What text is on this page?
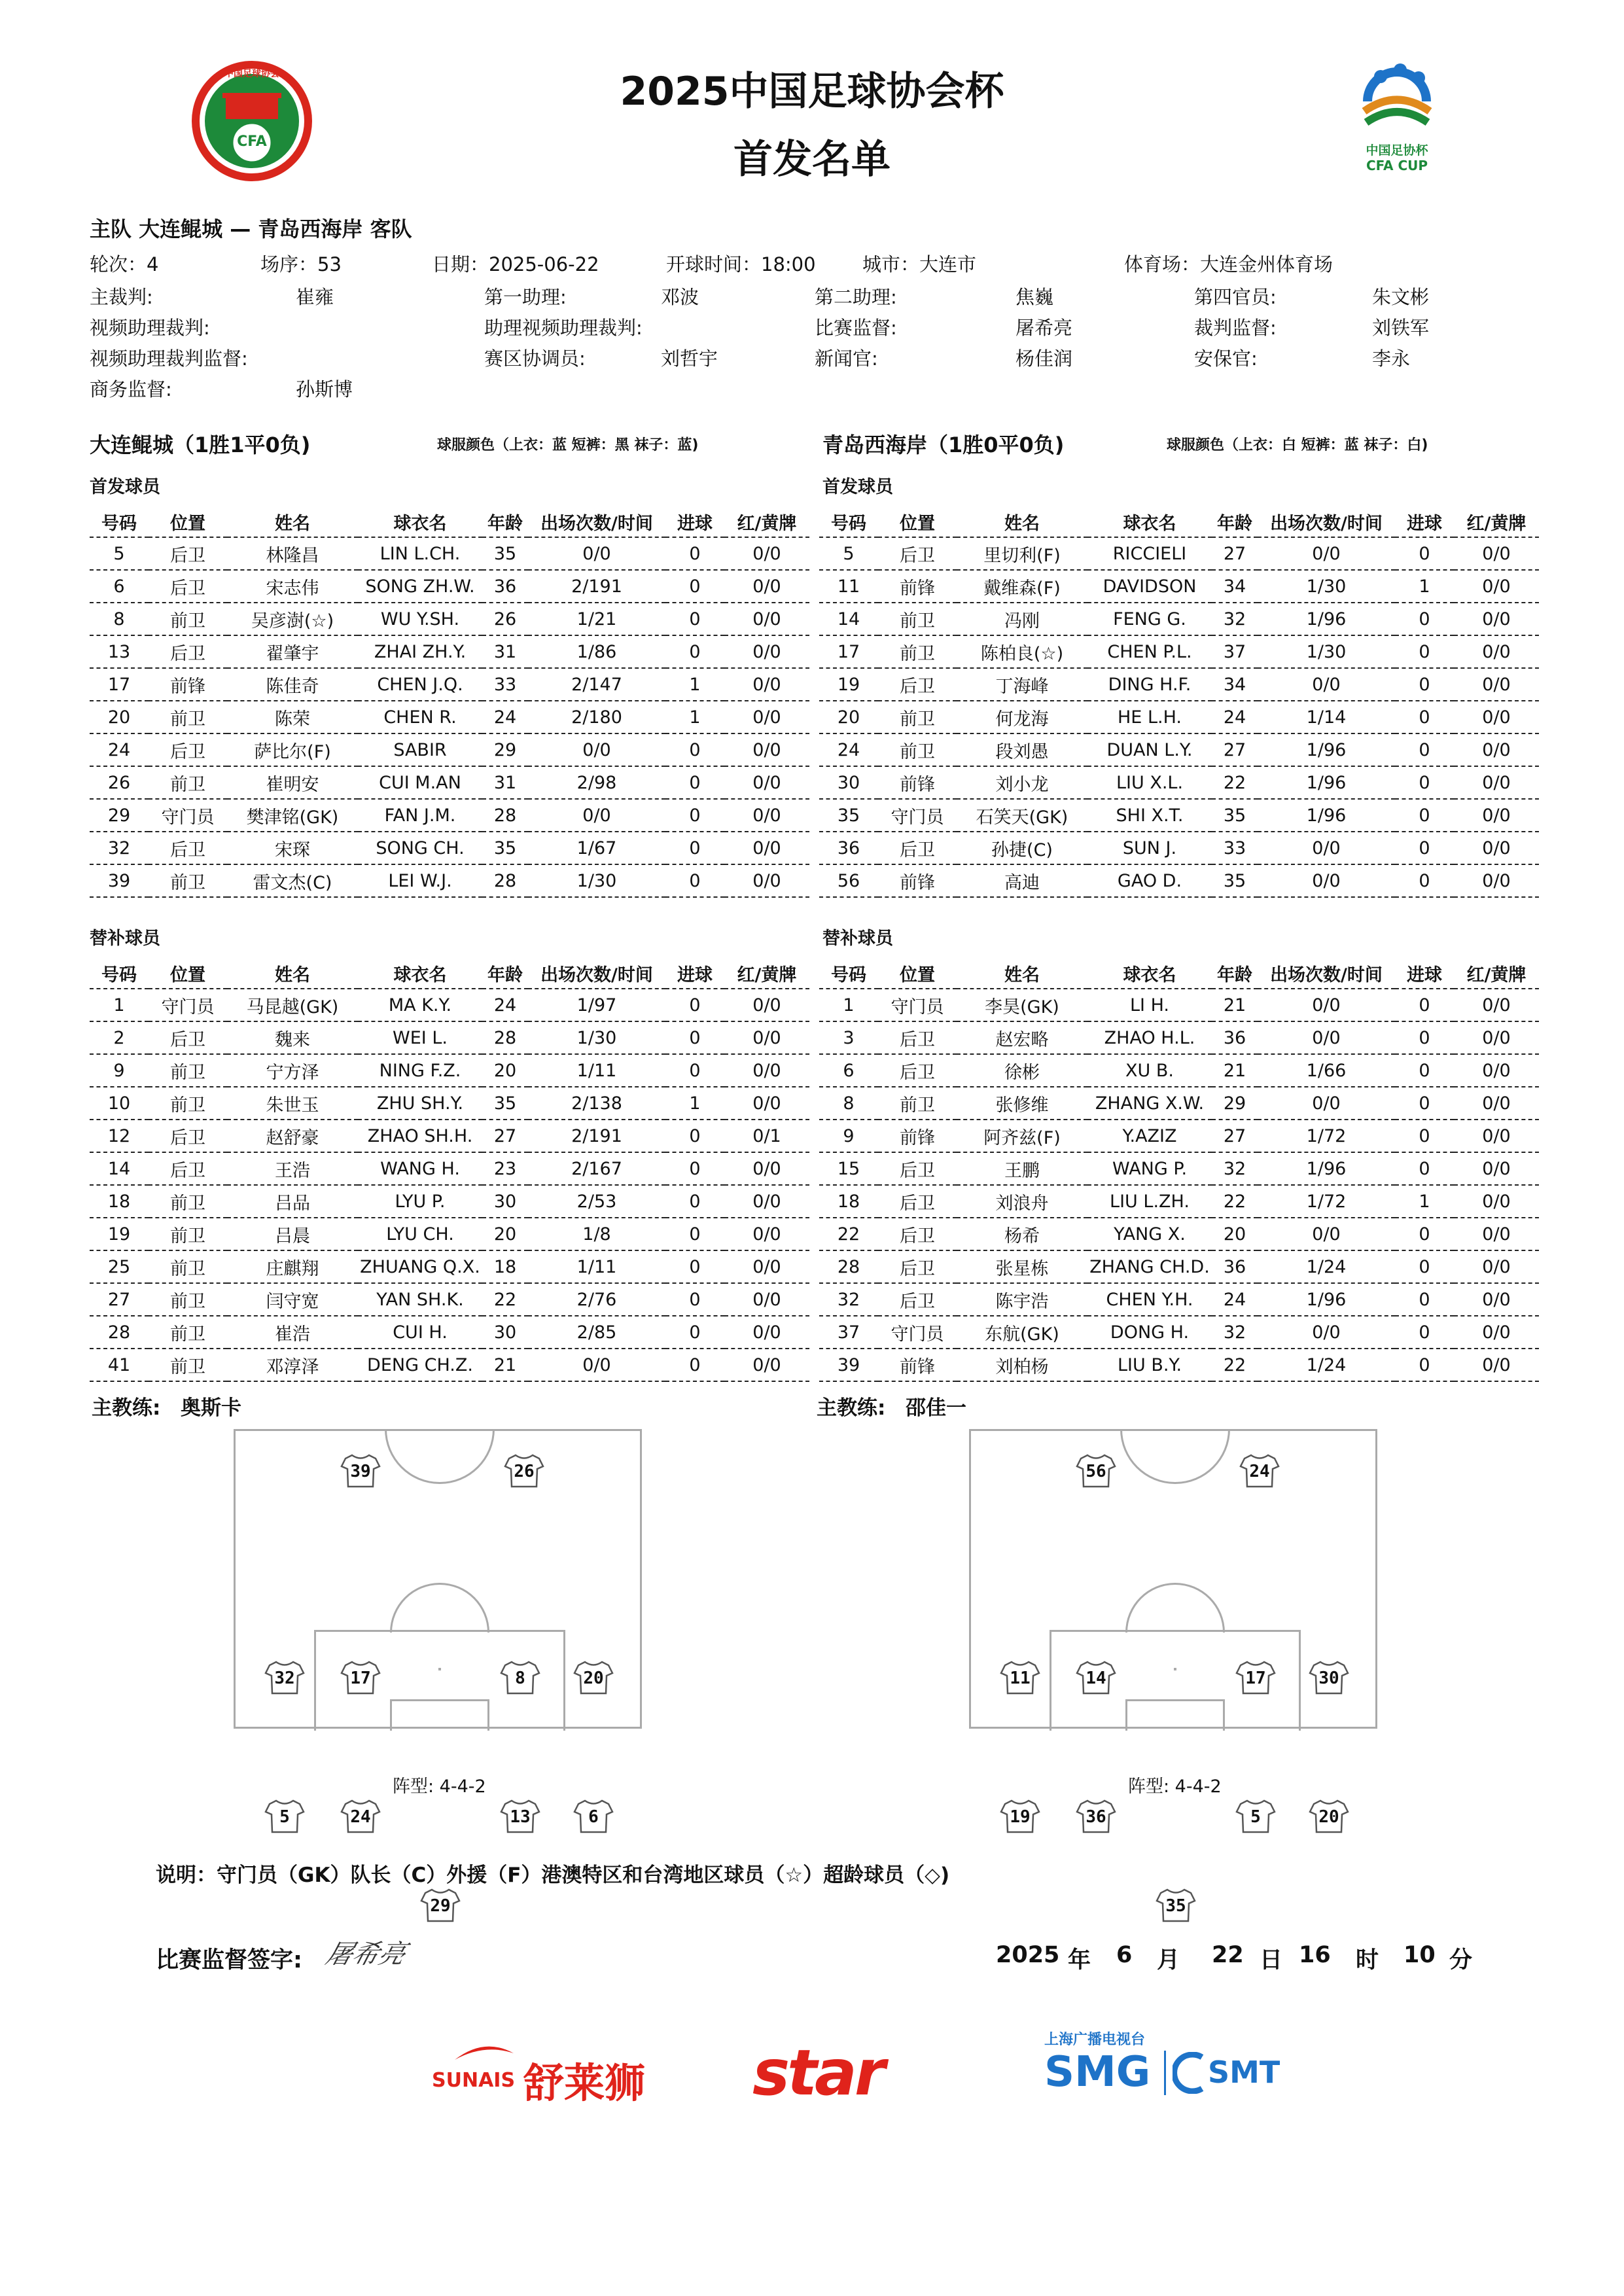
中国足球协会
CFA
2025中国足球协会杯
首发名单	中国足协杯
CFA CUP
主队 大连鲲城 — 青岛西海岸 客队
轮次：4	场序：53	日期：2025-06-22	开球时间：18:00 城市：大连市	体育场：大连金州体育场
主裁判:	崔雍	第一助理:	邓波	第二助理:	焦巍	第四官员:	朱文彬
视频助理裁判:	助理视频助理裁判:	比赛监督:	屠希亮	裁判监督:	刘铁军
视频助理裁判监督:	赛区协调员:	刘哲宇	新闻官:	杨佳润	安保官:	李永
商务监督:	孙斯博
大连鲲城（1胜1平0负)	球服颜色（上衣：蓝 短裤：黑 袜子：蓝)	青岛西海岸（1胜0平0负)	球服颜色（上衣：白 短裤：蓝 袜子：白)
首发球员	首发球员
号码	位置	姓名	球衣名	年龄	出场次数/时间	进球	红/黄牌
5	后卫	林隆昌	LIN L.CH.	35	0/0	0	0/0
6	后卫	宋志伟	SONG ZH.W.	36	2/191	0	0/0
8	前卫	吴彦澍(☆)	WU Y.SH.	26	1/21	0	0/0
13	后卫	翟肇宇	ZHAI ZH.Y.	31	1/86	0	0/0
17	前锋	陈佳奇	CHEN J.Q.	33	2/147	1	0/0
20	前卫	陈荣	CHEN R.	24	2/180	1	0/0
24	后卫	萨比尔(F)	SABIR	29	0/0	0	0/0
26	前卫	崔明安	CUI M.AN	31	2/98	0	0/0
29	守门员	樊津铭(GK)	FAN J.M.	28	0/0	0	0/0
32	后卫	宋琛	SONG CH.	35	1/67	0	0/0
39	前卫	雷文杰(C)	LEI W.J.	28	1/30	0	0/0
号码	位置	姓名	球衣名	年龄	出场次数/时间	进球	红/黄牌
5	后卫	里切利(F)	RICCIELI	27	0/0	0	0/0
11	前锋	戴维森(F)	DAVIDSON	34	1/30	1	0/0
14	前卫	冯刚	FENG G.	32	1/96	0	0/0
17	前卫	陈柏良(☆)	CHEN P.L.	37	1/30	0	0/0
19	后卫	丁海峰	DING H.F.	34	0/0	0	0/0
20	前卫	何龙海	HE L.H.	24	1/14	0	0/0
24	前卫	段刘愚	DUAN L.Y.	27	1/96	0	0/0
30	前锋	刘小龙	LIU X.L.	22	1/96	0	0/0
35	守门员	石笑天(GK)	SHI X.T.	35	1/96	0	0/0
36	后卫	孙捷(C)	SUN J.	33	0/0	0	0/0
56	前锋	高迪	GAO D.	35	0/0	0	0/0
替补球员	替补球员
号码	位置	姓名	球衣名	年龄	出场次数/时间	进球	红/黄牌
1	守门员	马昆越(GK)	MA K.Y.	24	1/97	0	0/0
2	后卫	魏来	WEI L.	28	1/30	0	0/0
9	前卫	宁方泽	NING F.Z.	20	1/11	0	0/0
10	前卫	朱世玉	ZHU SH.Y.	35	2/138	1	0/0
12	后卫	赵舒豪	ZHAO SH.H.	27	2/191	0	0/1
14	后卫	王浩	WANG H.	23	2/167	0	0/0
18	前卫	吕品	LYU P.	30	2/53	0	0/0
19	前卫	吕晨	LYU CH.	20	1/8	0	0/0
25	前卫	庄麒翔	ZHUANG Q.X.	18	1/11	0	0/0
27	前卫	闫守宽	YAN SH.K.	22	2/76	0	0/0
28	前卫	崔浩	CUI H.	30	2/85	0	0/0
41	前卫	邓淳泽	DENG CH.Z.	21	0/0	0	0/0
号码	位置	姓名	球衣名	年龄	出场次数/时间	进球	红/黄牌
1	守门员	李昊(GK)	LI H.	21	0/0	0	0/0
3	后卫	赵宏略	ZHAO H.L.	36	0/0	0	0/0
6	后卫	徐彬	XU B.	21	1/66	0	0/0
8	前卫	张修维	ZHANG X.W.	29	0/0	0	0/0
9	前锋	阿齐兹(F)	Y.AZIZ	27	1/72	0	0/0
15	后卫	王鹏	WANG P.	32	1/96	0	0/0
18	后卫	刘浪舟	LIU L.ZH.	22	1/72	1	0/0
22	后卫	杨希	YANG X.	20	0/0	0	0/0
28	后卫	张星栋	ZHANG CH.D.	36	1/24	0	0/0
32	后卫	陈宇浩	CHEN Y.H.	24	1/96	0	0/0
37	守门员	东航(GK)	DONG H.	32	0/0	0	0/0
39	前锋	刘柏杨	LIU B.Y.	22	1/24	0	0/0
主教练: 奥斯卡	主教练: 邵佳一
39	26
32	17	8	20
5	24	13	6
29
阵型: 4-4-2
56	24
11	14	17	30
19	36	5	20
35
阵型: 4-4-2
说明：守门员（GK）队长（C）外援（F）港澳特区和台湾地区球员（☆）超龄球员（◇)
比赛监督签字: 屠希亮	2025 年 6 月 22 日 16 时 10 分
SUNAIS 舒莱狮 star	上海广播电视台
SMG SMT
